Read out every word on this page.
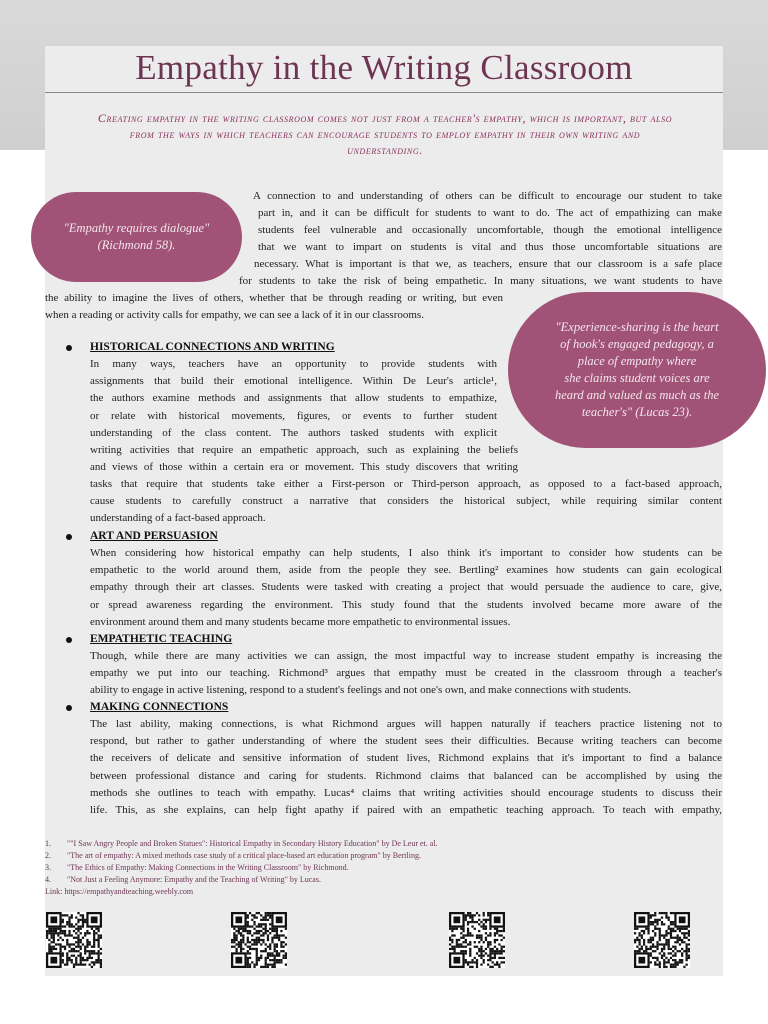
Empathy in the Writing Classroom
Creating empathy in the writing classroom comes not just from a teacher's empathy, which is important, but also
from the ways in which teachers can encourage students to employ empathy in their own writing and
understanding.
"Empathy requires dialogue"
(Richmond 58).
A connection to and understanding of others can be difficult to encourage our student to take
part in, and it can be difficult for students to want to do. The act of empathizing can make
students feel vulnerable and occasionally uncomfortable, though the emotional intelligence
that we want to impart on students is vital and thus those uncomfortable situations are
necessary. What is important is that we, as teachers, ensure that our classroom is a safe place
for students to take the risk of being empathetic. In many situations, we want students to have
the ability to imagine the lives of others, whether that be through reading or writing, but even
when a reading or activity calls for empathy, we can see a lack of it in our classrooms.
"Experience-sharing is the heart
of hook's engaged pedagogy, a
place of empathy where
she claims student voices are
heard and valued as much as the
teacher's" (Lucas 23).
HISTORICAL CONNECTIONS AND WRITING
In many ways, teachers have an opportunity to provide students with
assignments that build their emotional intelligence. Within De Leur's article¹,
the authors examine methods and assignments that allow students to empathize,
or relate with historical movements, figures, or events to further student
understanding of the class content. The authors tasked students with explicit
writing activities that require an empathetic approach, such as explaining the beliefs
and views of those within a certain era or movement. This study discovers that writing
tasks that require that students take either a First-person or Third-person approach, as opposed to a fact-based approach,
cause students to carefully construct a narrative that considers the historical subject, while requiring similar content
understanding of a fact-based approach.
ART AND PERSUASION
When considering how historical empathy can help students, I also think it's important to consider how students can be
empathetic to the world around them, aside from the people they see. Bertling² examines how students can gain ecological
empathy through their art classes. Students were tasked with creating a project that would persuade the audience to care, give,
or spread awareness regarding the environment. This study found that the students involved became more aware of the
environment around them and many students became more empathetic to environmental issues.
EMPATHETIC TEACHING
Though, while there are many activities we can assign, the most impactful way to increase student empathy is increasing the
empathy we put into our teaching. Richmond³ argues that empathy must be created in the classroom through a teacher's
ability to engage in active listening, respond to a student's feelings and not one's own, and make connections with students.
MAKING CONNECTIONS
The last ability, making connections, is what Richmond argues will happen naturally if teachers practice listening not to
respond, but rather to gather understanding of where the student sees their difficulties. Because writing teachers can become
the receivers of delicate and sensitive information of student lives, Richmond explains that it's important to find a balance
between professional distance and caring for students. Richmond claims that balanced can be accomplished by using the
methods she outlines to teach with empathy. Lucas⁴ claims that writing activities should encourage students to discuss their
life. This, as she explains, can help fight apathy if paired with an empathetic teaching approach. To teach with empathy,
1. ""I Saw Angry People and Broken Statues": Historical Empathy in Secondary History Education" by De Leur et. al.
2. "The art of empathy: A mixed methods case study of a critical place-based art education program" by Bertling.
3. "The Ethics of Empathy: Making Connections in the Writing Classroom" by Richmond.
4. "Not Just a Feeling Anymore: Empathy and the Teaching of Writing" by Lucas.
Link: https://empathyandteaching.weebly.com
